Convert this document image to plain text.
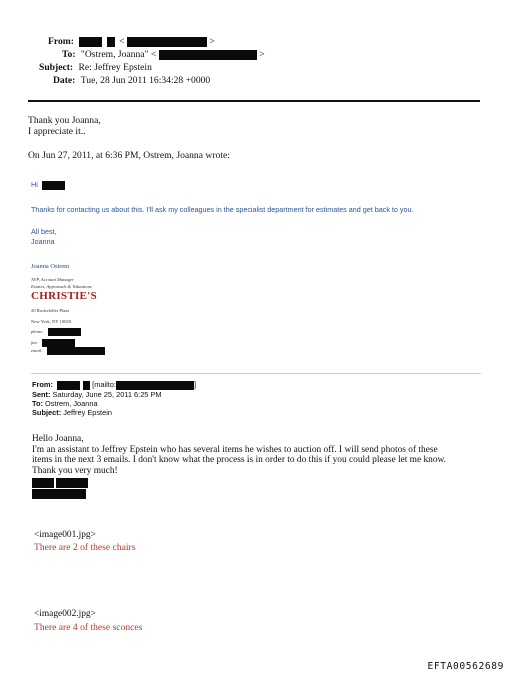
From:	<	>
To: "Ostrem, Joanna" <	>
Subject: Re: Jeffrey Epstein
Date: Tue, 28 Jun 2011 16:34:28 +0000
Thank you Joanna,
I appreciate it..
On Jun 27, 2011, at 6:36 PM, Ostrem, Joanna wrote:
Hi
Thanks for contacting us about this. I'll ask my colleagues in the specialist department for estimates and get back to you.
All best,
Joanna
Joanna Ostrem
AVP, Account Manager
Estates, Appraisals & Valuations
CHRISTIE'S
20 Rockefeller Plaza
New York, NY 10020
phone:
fax:
email:
From:	[mailto:	]
Sent: Saturday, June 25, 2011 6:25 PM
To: Ostrem, Joanna
Subject: Jeffrey Epstein
Hello Joanna,
I'm an assistant to Jeffrey Epstein who has several items he wishes to auction off. I will send photos of these
items in the next 3 emails. I don't know what the process is in order to do this if you could please let me know.
Thank you very much!
<image001.jpg>
There are 2 of these chairs
<image002.jpg>
There are 4 of these sconces
EFTA00562689
